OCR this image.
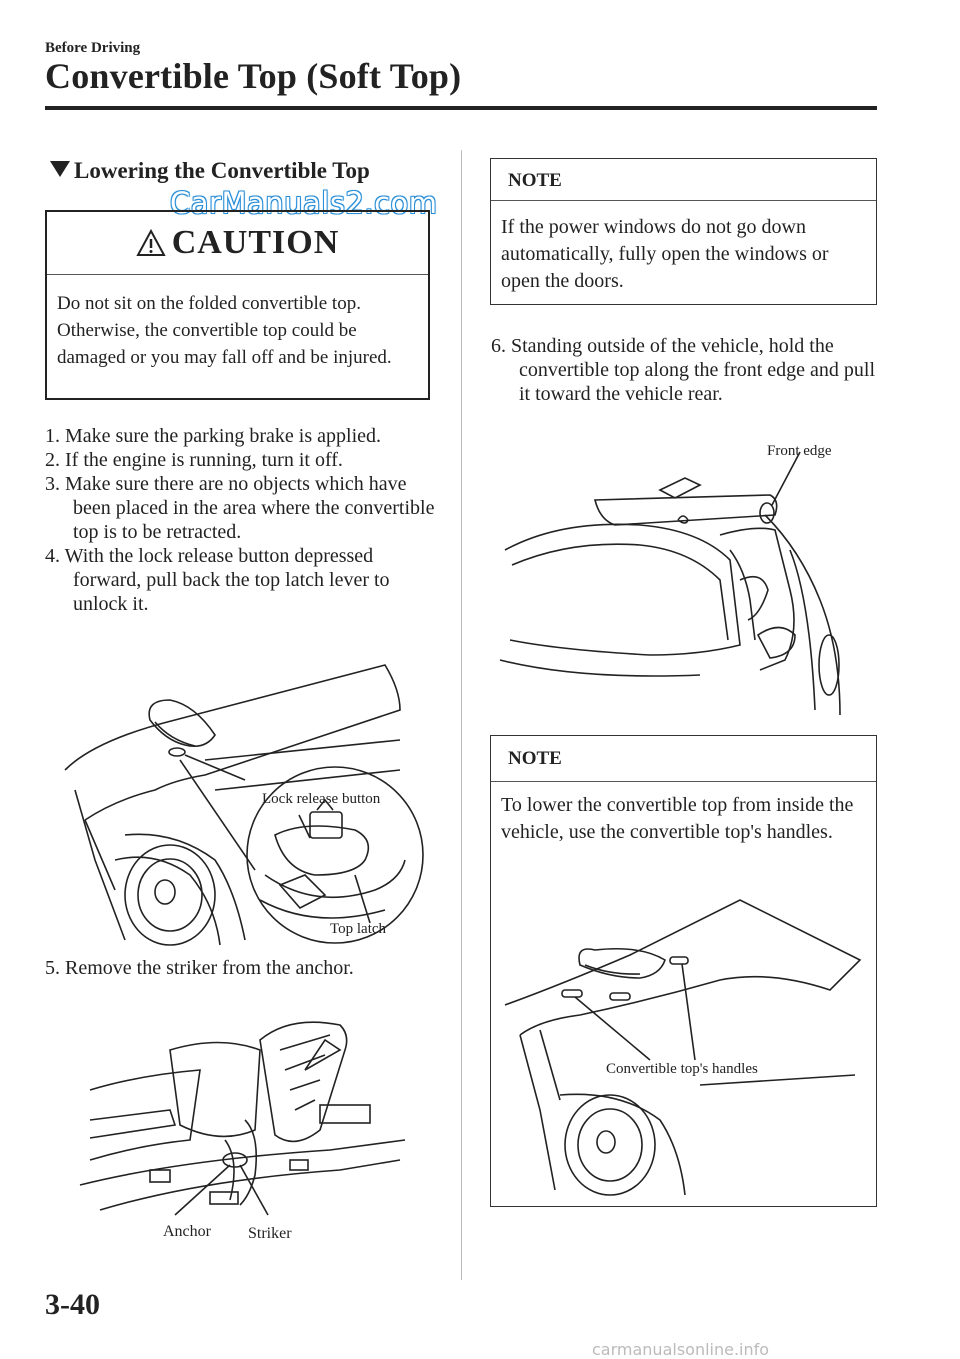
Before Driving
Convertible Top (Soft Top)
Lowering the Convertible Top
CarManuals2.com
CAUTION
Do not sit on the folded convertible top. Otherwise, the convertible top could be damaged or you may fall off and be injured.
1. Make sure the parking brake is applied.
2. If the engine is running, turn it off.
3. Make sure there are no objects which have been placed in the area where the convertible top is to be retracted.
4. With the lock release button depressed forward, pull back the top latch lever to unlock it.
Lock release button
Top latch
5. Remove the striker from the anchor.
Anchor Striker
NOTE
If the power windows do not go down automatically, fully open the windows or open the doors.
6. Standing outside of the vehicle, hold the convertible top along the front edge and pull it toward the vehicle rear.
Front edge
NOTE
To lower the convertible top from inside the vehicle, use the convertible top's handles.
Convertible top's handles
3-40
carmanualsonline.info
